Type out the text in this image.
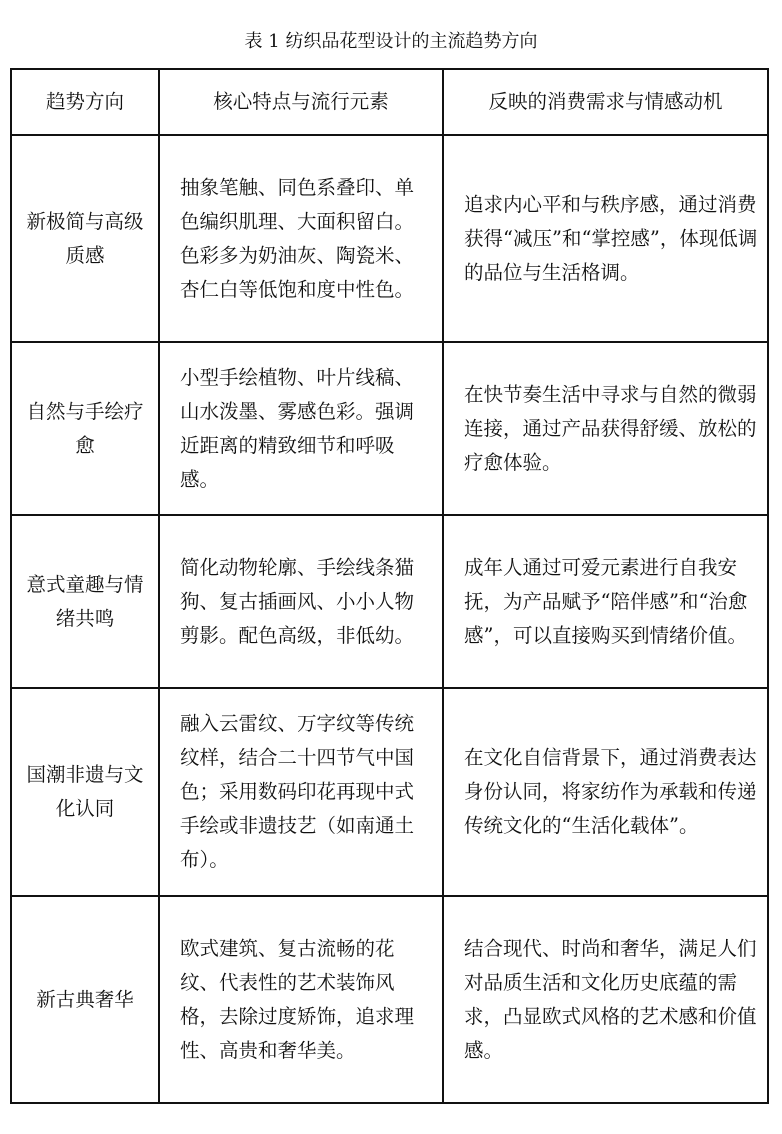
表 1 纺织品花型设计的主流趋势方向
趋势方向	核心特点与流行元素	反映的消费需求与情感动机
新极简与高级质感	抽象笔触、同色系叠印、单色编织肌理、大面积留白。色彩多为奶油灰、陶瓷米、杏仁白等低饱和度中性色。	追求内心平和与秩序感，通过消费获得“减压”和“掌控感”，体现低调的品位与生活格调。
自然与手绘疗愈	小型手绘植物、叶片线稿、山水泼墨、雾感色彩。强调近距离的精致细节和呼吸感。	在快节奏生活中寻求与自然的微弱连接，通过产品获得舒缓、放松的疗愈体验。
意式童趣与情绪共鸣	简化动物轮廓、手绘线条猫狗、复古插画风、小小人物剪影。配色高级，非低幼。	成年人通过可爱元素进行自我安抚，为产品赋予“陪伴感”和“治愈感”，可以直接购买到情绪价值。
国潮非遗与文化认同	融入云雷纹、万字纹等传统纹样，结合二十四节气中国色；采用数码印花再现中式手绘或非遗技艺（如南通土布）。	在文化自信背景下，通过消费表达身份认同，将家纺作为承载和传递传统文化的“生活化载体”。
新古典奢华	欧式建筑、复古流畅的花纹、代表性的艺术装饰风格，去除过度矫饰，追求理性、高贵和奢华美。	结合现代、时尚和奢华，满足人们对品质生活和文化历史底蕴的需求，凸显欧式风格的艺术感和价值感。
